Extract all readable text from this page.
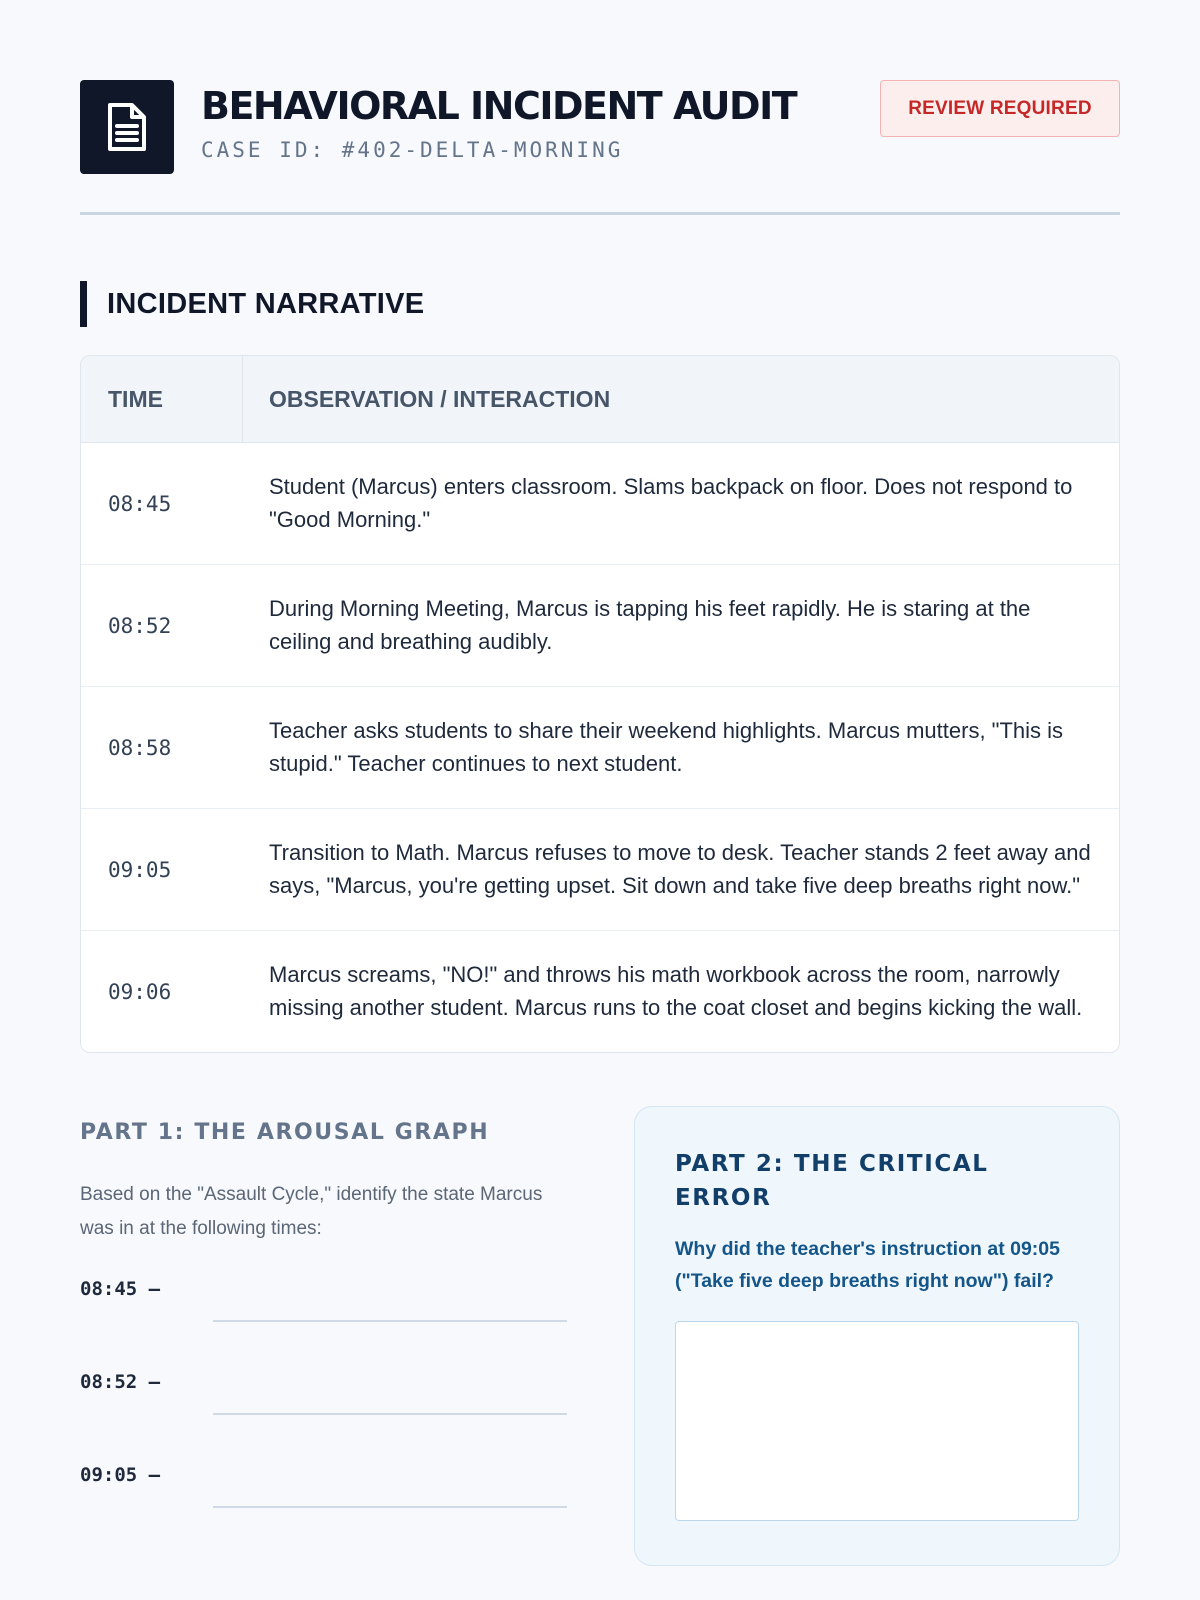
BEHAVIORAL INCIDENT AUDIT
CASE ID: #402-DELTA-MORNING
REVIEW REQUIRED
INCIDENT NARRATIVE
TIME	OBSERVATION / INTERACTION
08:45
Student (Marcus) enters classroom. Slams backpack on floor. Does not respond to "Good Morning."
08:52
During Morning Meeting, Marcus is tapping his feet rapidly. He is staring at the ceiling and breathing audibly.
08:58
Teacher asks students to share their weekend highlights. Marcus mutters, "This is stupid." Teacher continues to next student.
09:05
Transition to Math. Marcus refuses to move to desk. Teacher stands 2 feet away and says, "Marcus, you're getting upset. Sit down and take five deep breaths right now."
09:06
Marcus screams, "NO!" and throws his math workbook across the room, narrowly missing another student. Marcus runs to the coat closet and begins kicking the wall.
PART 1: THE AROUSAL GRAPH
Based on the "Assault Cycle," identify the state Marcus was in at the following times:
08:45 —
08:52 —
09:05 —
PART 2: THE CRITICAL ERROR
Why did the teacher's instruction at 09:05 ("Take five deep breaths right now") fail?
